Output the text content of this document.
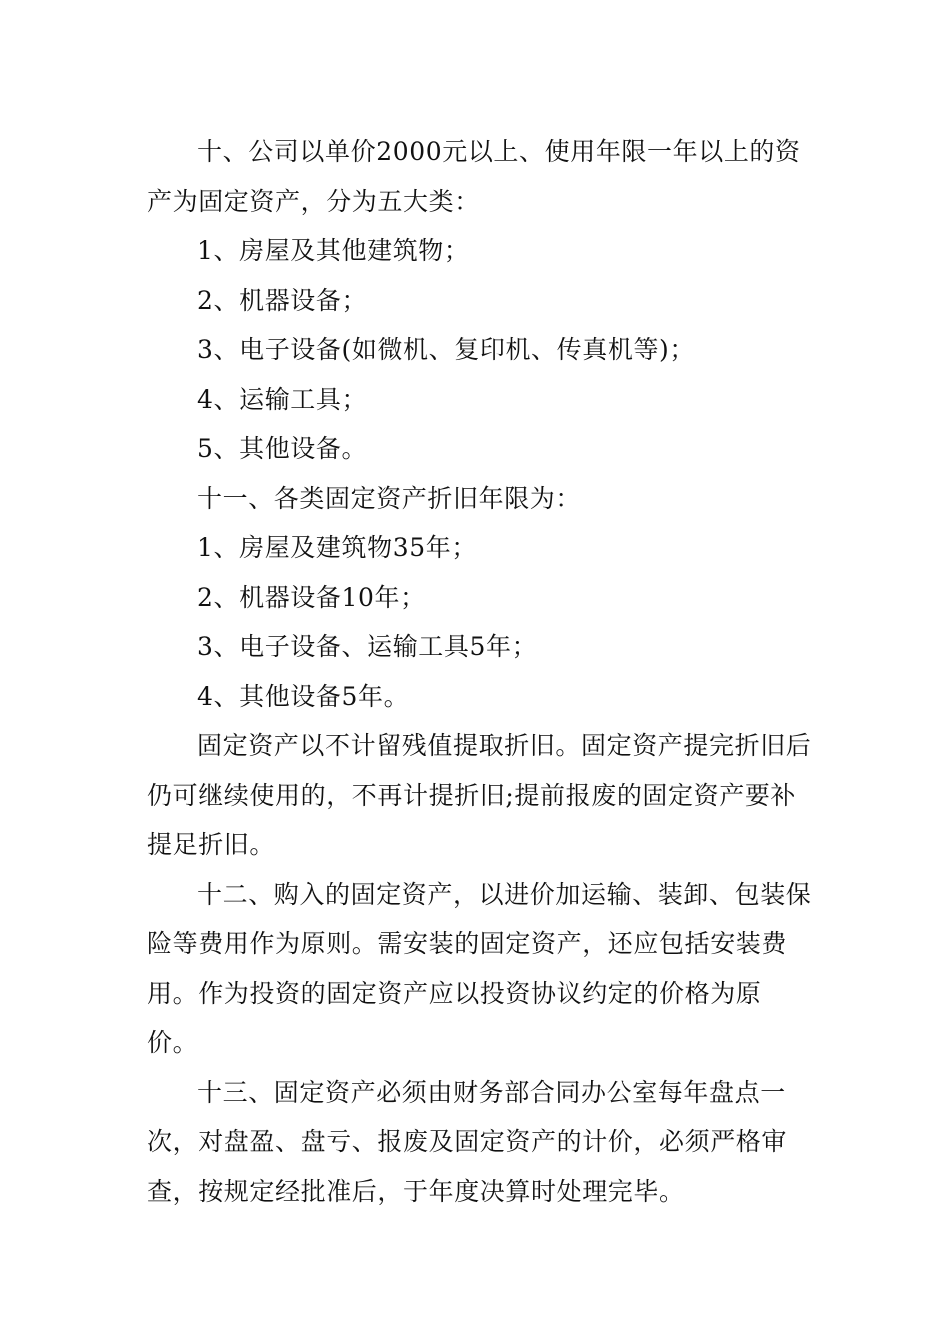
十、公司以单价2000元以上、使用年限一年以上的资产为固定资产，分为五大类：

1、房屋及其他建筑物；

2、机器设备；

3、电子设备(如微机、复印机、传真机等)；

4、运输工具；

5、其他设备。

十一、各类固定资产折旧年限为：

1、房屋及建筑物35年；

2、机器设备10年；

3、电子设备、运输工具5年；

4、其他设备5年。

固定资产以不计留残值提取折旧。固定资产提完折旧后仍可继续使用的，不再计提折旧;提前报废的固定资产要补提足折旧。

十二、购入的固定资产，以进价加运输、装卸、包装保险等费用作为原则。需安装的固定资产，还应包括安装费用。作为投资的固定资产应以投资协议约定的价格为原价。

十三、固定资产必须由财务部合同办公室每年盘点一次，对盘盈、盘亏、报废及固定资产的计价，必须严格审查，按规定经批准后，于年度决算时处理完毕。
